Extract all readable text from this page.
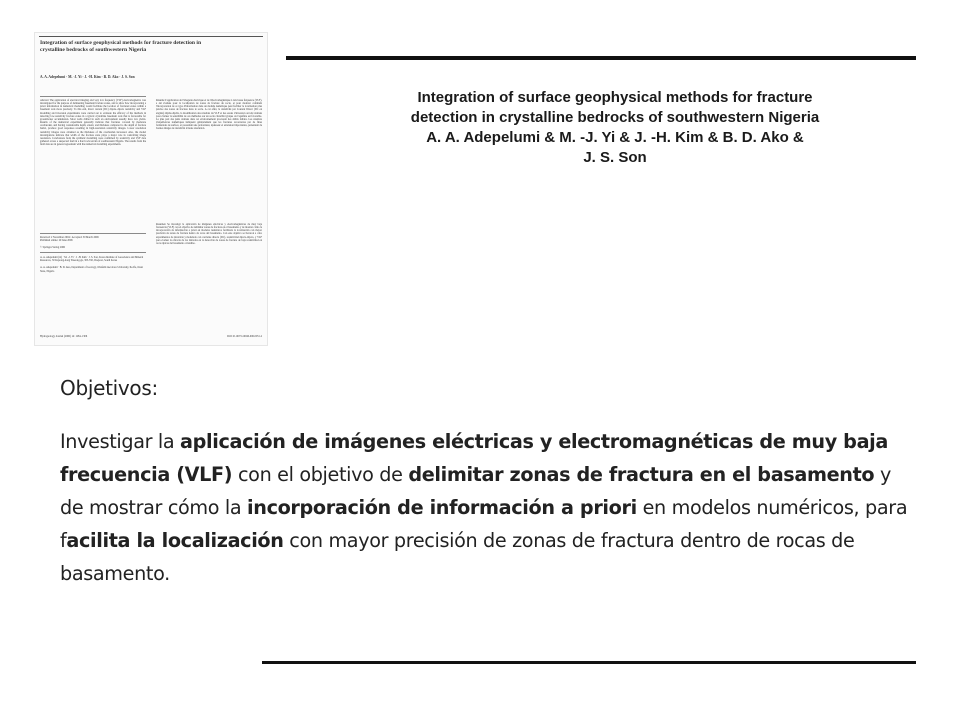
Integration of surface geophysical methods for fracture detection in crystalline bedrocks of southwestern Nigeria
A. A. Adepelumi · M. -J. Yi · J. -H. Kim · B. D. Ako · J. S. Son
Abstract The application of electrical imaging and very low frequency (VLF) electromagnetics was investigated for the purpose of delineating basement fracture zones, and to show how incorporating a priori information in numerical modelling would facilitate the location of fractured zones within a basement rock more precisely. To this end, direct current (DC) dipole–dipole resistivity and VLF modelling and inversion experiments were carried out to evaluate the efficacy of the methods in detecting low-resistivity fracture zones in a typical crystalline basement rock that is favourable for groundwater accumulation. Most wells drilled in such an environment usually have low yields. Results of the numerical experiment generally indicate that fractures covered by moderate overburden, and having considerable depth, extent, and thickness compared to the depth of fracture burial, produce good responses resulting in high-resolution resistivity images. Lower resolution resistivity images were obtained as the thickness of the overburden increased. Also, the model investigations indicate that width of the fracture zone plays a major role in controlling image resolution. Conclusions from the synthetic modelling were confirmed by resistivity and VLF data gathered across a suspected fault in a hard rock terrain of southwestern Nigeria. The results from the field data are in general agreement with the numerical modelling experiments.
Résumé L'application de l'imagerie électrique et de l'électromagnétique à très basse fréquence (VLF), a été évaluée pour la localisation de zones de fracture du socle, et pour montrer comment l'incorporation de ce type d'information dans un modèle numérique peut faciliter la localisation plus précise des zones de fracture dans le socle. A cet effet, la résistivité par Courant Direct (DC en anglais) dipôle-dipôle, la modélisation des résultats du VLF et des essais d'inversion ont été réalisés pour évaluer la sensibilité de ces méthodes sur un socle cristallin typique où l'aquifère est favorable. La plus part des puits réalisés dans cet environnement procurent des débits faibles. Les résultats d'expériences numériques indiquent généralement que les fractures recouvertes par de fines formations de surface, et possédant une profondeur, épaisseur et extension importantes, présentent de bonnes images de résistivité à haute résolution.
Resumen Se investigó la aplicación de imágenes eléctricas y electromagnéticas de muy baja frecuencia (VLF) con el objetivo de delimitar zonas de fractura en el basamento y de mostrar cómo la incorporación de información a priori en modelos numéricos facilitaría la localización con mayor precisión de zonas de fractura dentro de rocas del basamento. Con este objetivo se llevaron a cabo experimentos de inversión y modelado con corriente directa (DC), resistividad dipolo-dipolo, y VLF para evaluar la eficacia de los métodos en la detección de zonas de fractura de baja resistividad en rocas típicas del basamento cristalino.
Received: 2 November 2004 / Accepted: 30 March 2006
Published online: 29 June 2006
© Springer-Verlag 2006
A. A. Adepelumi (✉) · M. -J. Yi · J. -H. Kim · J. S. Son, Korea Institute of Geoscience and Mineral Resources, 30 Kajeong-dong Yuseong-gu, 305-350, Daejeon, South Korea
A. A. Adepelumi · B. D. Ako, Department of Geology, Obafemi Awolowo University, Ile-Ife, Osun State, Nigeria
Hydrogeology Journal (2006) 14: 1284–1306	DOI 10.1007/s10040-006-0051-2

Integration of surface geophysical methods for fracture

detection in crystalline bedrocks of southwestern Nigeria

A. A. Adepelumi & M. -J. Yi & J. -H. Kim & B. D. Ako &

J. S. Son

Objetivos:

Investigar la aplicación de imágenes eléctricas y electromagnéticas de muy baja frecuencia (VLF) con el objetivo de delimitar zonas de fractura en el basamento y de mostrar cómo la incorporación de información a priori en modelos numéricos, para facilita la localización con mayor precisión de zonas de fractura dentro de rocas de basamento.
